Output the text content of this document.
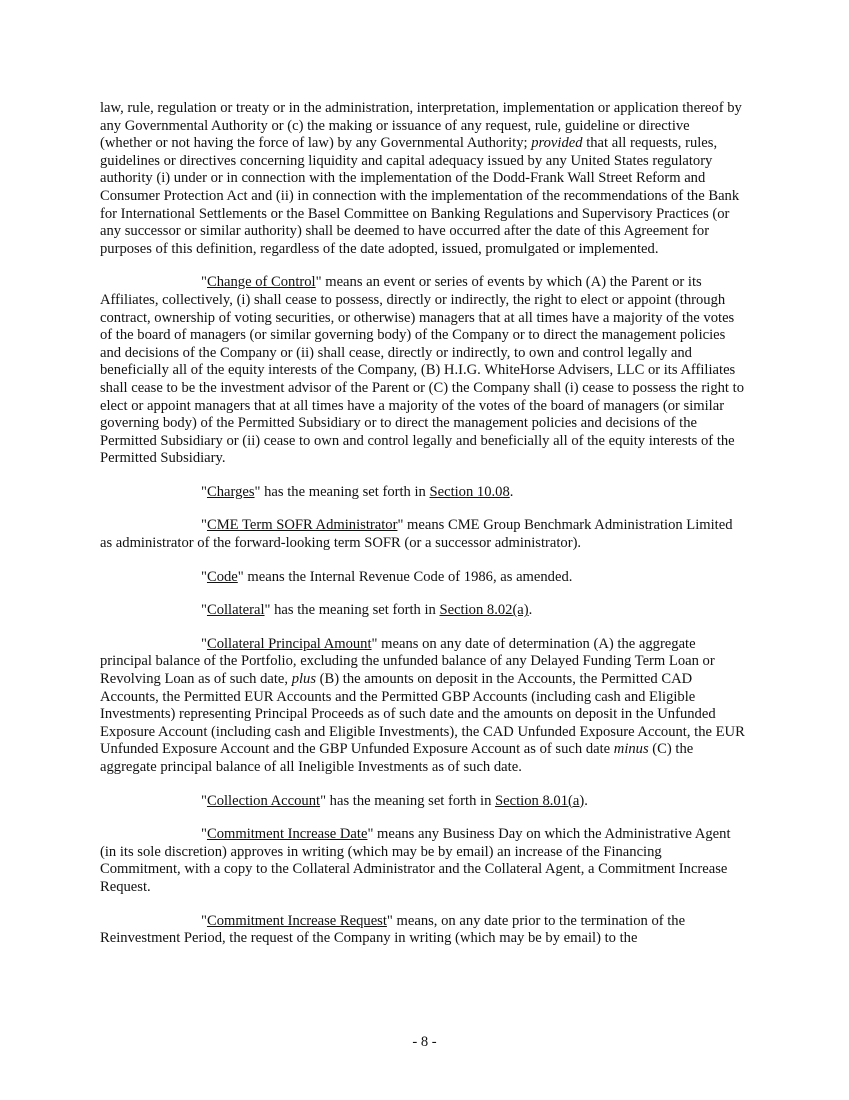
law, rule, regulation or treaty or in the administration, interpretation, implementation or application thereof by any Governmental Authority or (c) the making or issuance of any request, rule, guideline or directive (whether or not having the force of law) by any Governmental Authority; provided that all requests, rules, guidelines or directives concerning liquidity and capital adequacy issued by any United States regulatory authority (i) under or in connection with the implementation of the Dodd-Frank Wall Street Reform and Consumer Protection Act and (ii) in connection with the implementation of the recommendations of the Bank for International Settlements or the Basel Committee on Banking Regulations and Supervisory Practices (or any successor or similar authority) shall be deemed to have occurred after the date of this Agreement for purposes of this definition, regardless of the date adopted, issued, promulgated or implemented.

"Change of Control" means an event or series of events by which (A) the Parent or its Affiliates, collectively, (i) shall cease to possess, directly or indirectly, the right to elect or appoint (through contract, ownership of voting securities, or otherwise) managers that at all times have a majority of the votes of the board of managers (or similar governing body) of the Company or to direct the management policies and decisions of the Company or (ii) shall cease, directly or indirectly, to own and control legally and beneficially all of the equity interests of the Company, (B) H.I.G. WhiteHorse Advisers, LLC or its Affiliates shall cease to be the investment advisor of the Parent or (C) the Company shall (i) cease to possess the right to elect or appoint managers that at all times have a majority of the votes of the board of managers (or similar governing body) of the Permitted Subsidiary or to direct the management policies and decisions of the Permitted Subsidiary or (ii) cease to own and control legally and beneficially all of the equity interests of the Permitted Subsidiary.

"Charges" has the meaning set forth in Section 10.08.

"CME Term SOFR Administrator" means CME Group Benchmark Administration Limited as administrator of the forward-looking term SOFR (or a successor administrator).

"Code" means the Internal Revenue Code of 1986, as amended.

"Collateral" has the meaning set forth in Section 8.02(a).

"Collateral Principal Amount" means on any date of determination (A) the aggregate principal balance of the Portfolio, excluding the unfunded balance of any Delayed Funding Term Loan or Revolving Loan as of such date, plus (B) the amounts on deposit in the Accounts, the Permitted CAD Accounts, the Permitted EUR Accounts and the Permitted GBP Accounts (including cash and Eligible Investments) representing Principal Proceeds as of such date and the amounts on deposit in the Unfunded Exposure Account (including cash and Eligible Investments), the CAD Unfunded Exposure Account, the EUR Unfunded Exposure Account and the GBP Unfunded Exposure Account as of such date minus (C) the aggregate principal balance of all Ineligible Investments as of such date.

"Collection Account" has the meaning set forth in Section 8.01(a).

"Commitment Increase Date" means any Business Day on which the Administrative Agent (in its sole discretion) approves in writing (which may be by email) an increase of the Financing Commitment, with a copy to the Collateral Administrator and the Collateral Agent, a Commitment Increase Request.

"Commitment Increase Request" means, on any date prior to the termination of the Reinvestment Period, the request of the Company in writing (which may be by email) to the

- 8 -
